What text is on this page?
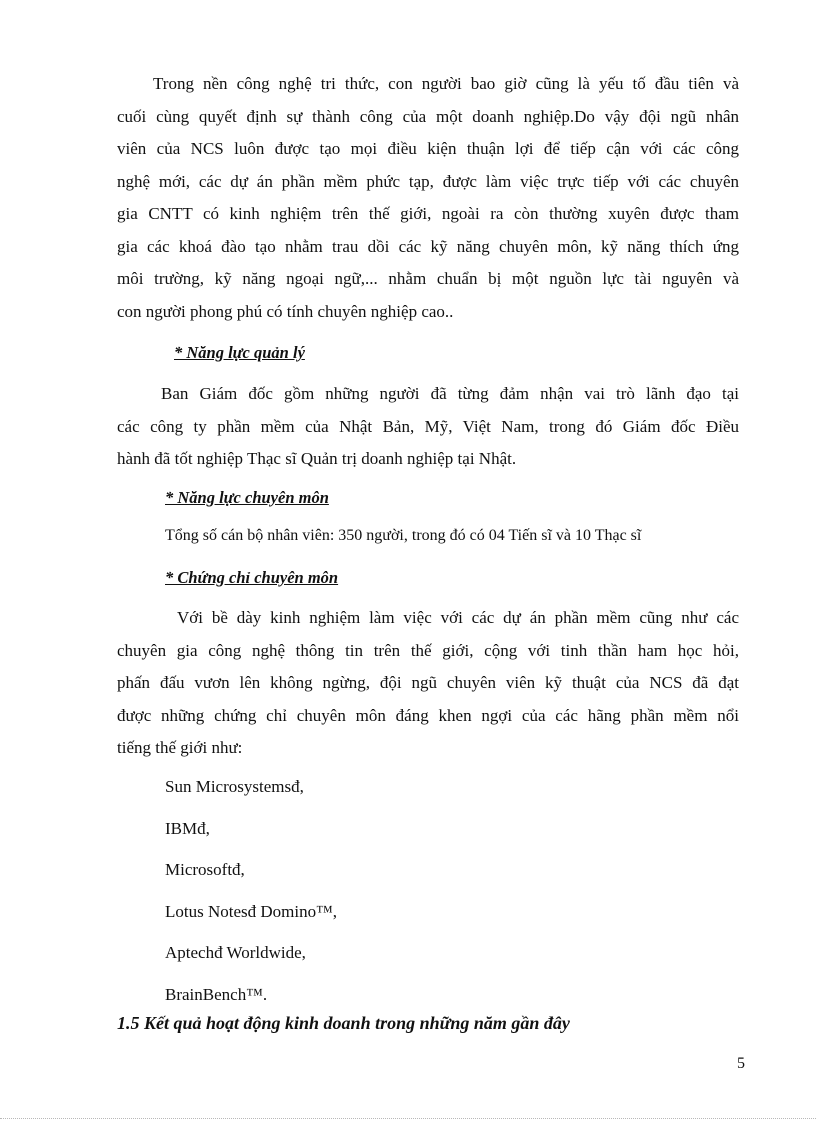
Trong nền công nghệ tri thức, con người bao giờ cũng là yếu tố đầu tiên và
cuối cùng quyết định sự thành công của một doanh nghiệp.Do vậy đội ngũ nhân
viên của NCS luôn được tạo mọi điều kiện thuận lợi để tiếp cận với các công
nghệ mới, các dự án phần mềm phức tạp, được làm việc trực tiếp với các chuyên
gia CNTT có kinh nghiệm trên thế giới, ngoài ra còn thường xuyên được tham
gia các khoá đào tạo nhằm trau dồi các kỹ năng chuyên môn, kỹ năng thích ứng
môi trường, kỹ năng ngoại ngữ,... nhằm chuẩn bị một nguồn lực tài nguyên và
con người phong phú có tính chuyên nghiệp cao..

* Năng lực quản lý

Ban Giám đốc gồm những người đã từng đảm nhận vai trò lãnh đạo tại
các công ty phần mềm của Nhật Bản, Mỹ, Việt Nam, trong đó Giám đốc Điều
hành đã tốt nghiệp Thạc sĩ Quản trị doanh nghiệp tại Nhật.

* Năng lực chuyên môn

Tổng số cán bộ nhân viên: 350 người, trong đó có 04 Tiến sĩ và 10 Thạc sĩ

* Chứng chỉ chuyên môn

Với bề dày kinh nghiệm làm việc với các dự án phần mềm cũng như các
chuyên gia công nghệ thông tin trên thế giới, cộng với tinh thần ham học hỏi,
phấn đấu vươn lên không ngừng, đội ngũ chuyên viên kỹ thuật của NCS đã đạt
được những chứng chỉ chuyên môn đáng khen ngợi của các hãng phần mềm nổi
tiếng thế giới như:
Sun Microsystemsđ,
IBMđ,
Microsoftđ,
Lotus Notesđ Domino™,
Aptechđ Worldwide,
BrainBench™.

1.5 Kết quả hoạt động kinh doanh trong những năm gần đây

5
